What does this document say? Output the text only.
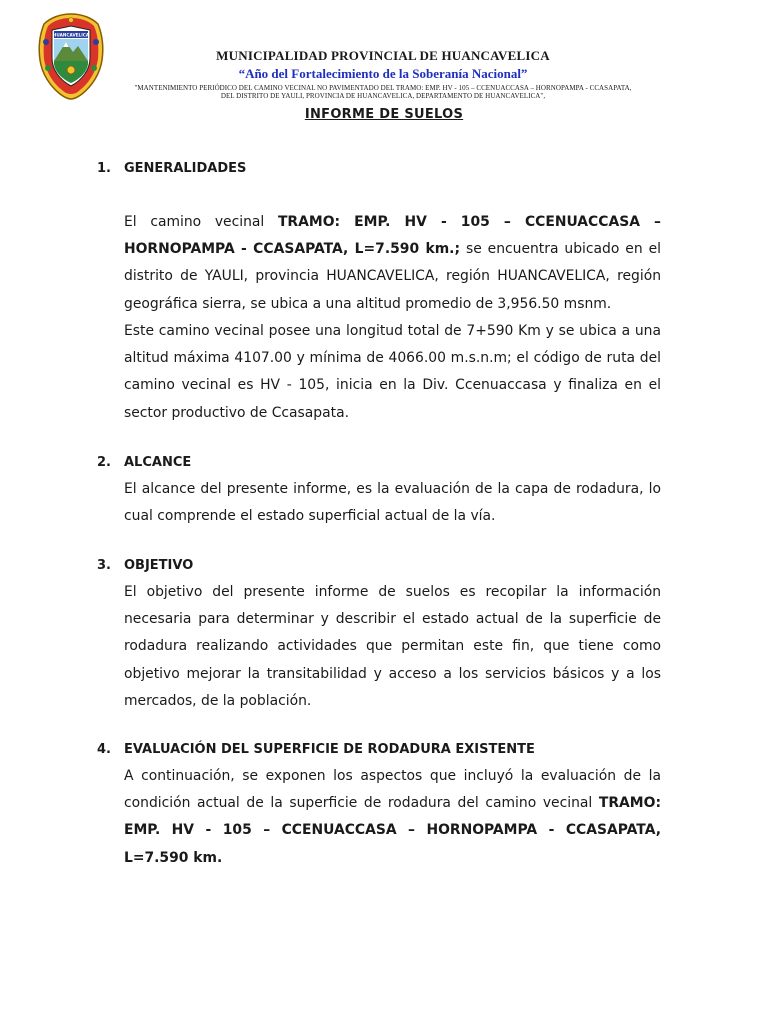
HUANCAVELICA

MUNICIPALIDAD PROVINCIAL DE HUANCAVELICA

“Año del Fortalecimiento de la Soberanía Nacional”

"MANTENIMIENTO PERIÓDICO DEL CAMINO VECINAL NO PAVIMENTADO DEL TRAMO: EMP. HV - 105 – CCENUACCASA – HORNOPAMPA - CCASAPATA,

DEL DISTRITO DE YAULI, PROVINCIA DE HUANCAVELICA, DEPARTAMENTO DE HUANCAVELICA",

INFORME DE SUELOS
1. GENERALIDADES

El camino vecinal TRAMO: EMP. HV - 105 – CCENUACCASA – HORNOPAMPA - CCASAPATA, L=7.590 km.; se encuentra ubicado en el distrito de YAULI, provincia HUANCAVELICA, región HUANCAVELICA, región geográfica sierra, se ubica a una altitud promedio de 3,956.50 msnm.

Este camino vecinal posee una longitud total de 7+590 Km y se ubica a una altitud máxima 4107.00 y mínima de 4066.00 m.s.n.m; el código de ruta del camino vecinal es HV - 105, inicia en la Div. Ccenuaccasa y finaliza en el sector productivo de Ccasapata.

2. ALCANCE

El alcance del presente informe, es la evaluación de la capa de rodadura, lo cual comprende el estado superficial actual de la vía.

3. OBJETIVO

El objetivo del presente informe de suelos es recopilar la información necesaria para determinar y describir el estado actual de la superficie de rodadura realizando actividades que permitan este fin, que tiene como objetivo mejorar la transitabilidad y acceso a los servicios básicos y a los mercados, de la población.

4. EVALUACIÓN DEL SUPERFICIE DE RODADURA EXISTENTE

A continuación, se exponen los aspectos que incluyó la evaluación de la condición actual de la superficie de rodadura del camino vecinal TRAMO: EMP. HV - 105 – CCENUACCASA – HORNOPAMPA - CCASAPATA, L=7.590 km.
